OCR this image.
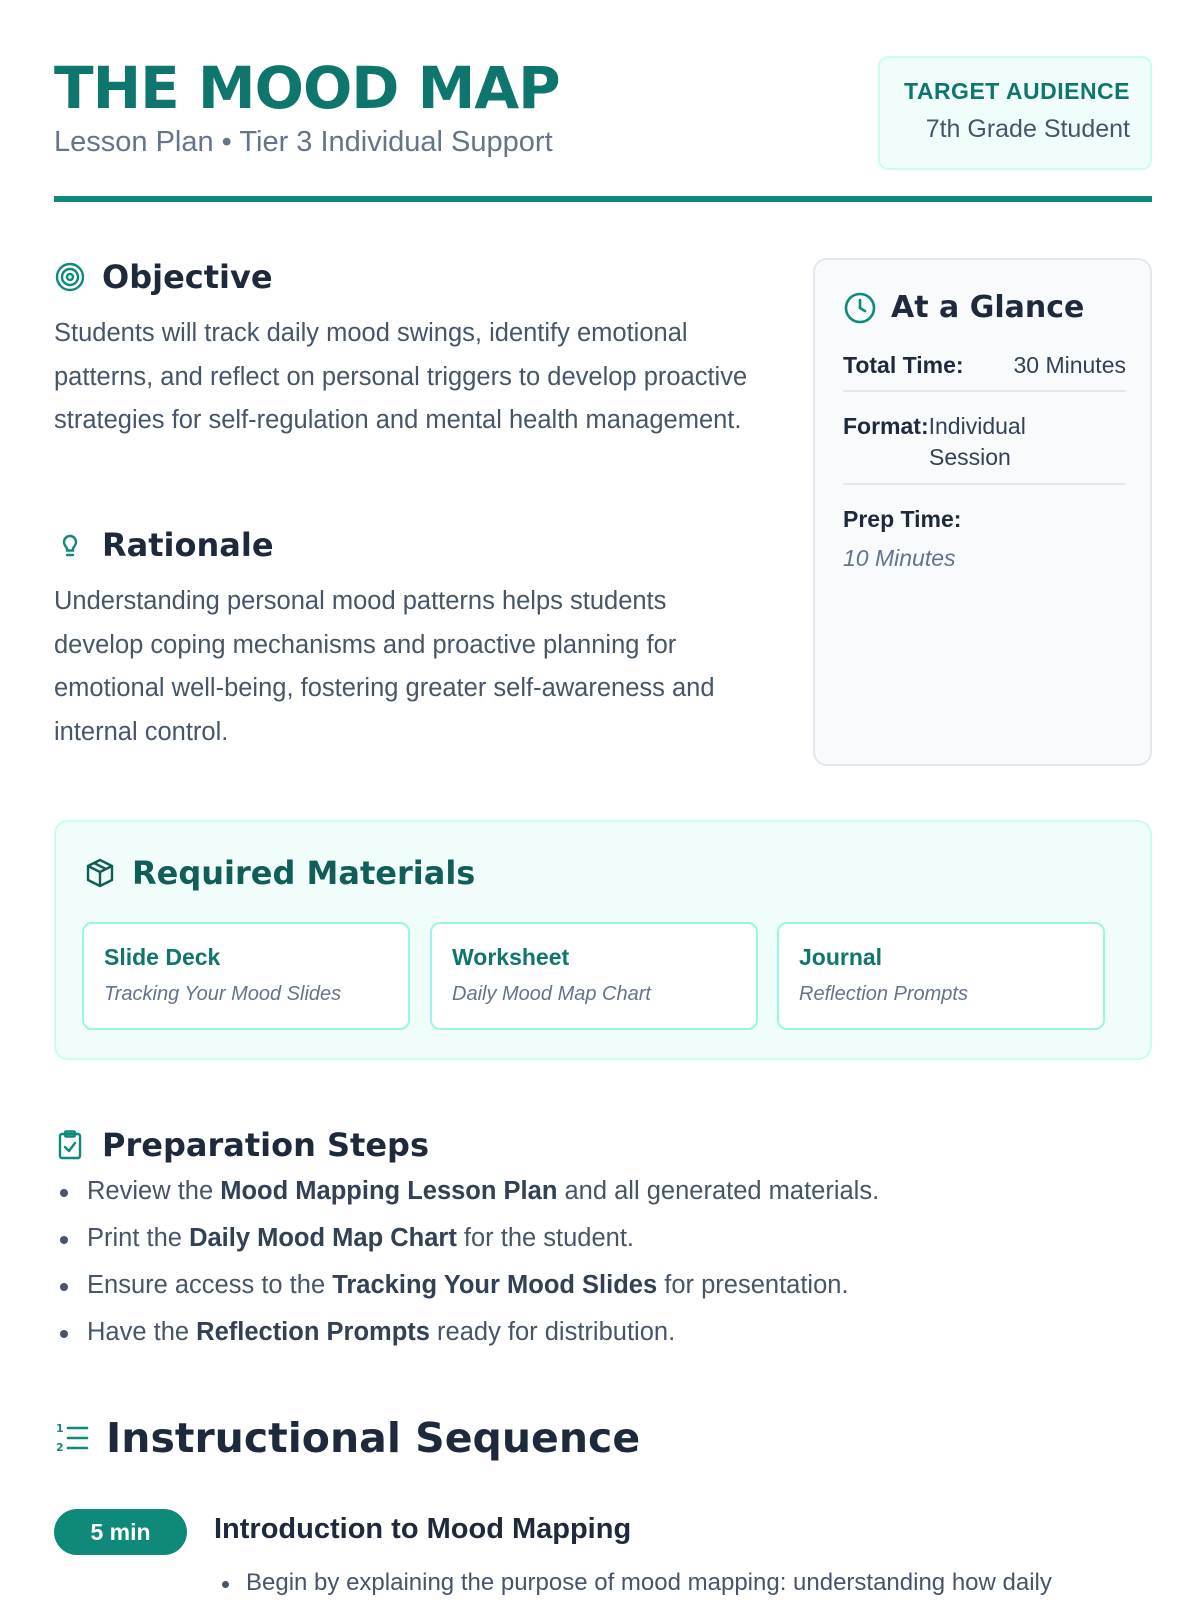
THE MOOD MAP
Lesson Plan • Tier 3 Individual Support
TARGET AUDIENCE
7th Grade Student
Objective
Students will track daily mood swings, identify emotional patterns, and reflect on personal triggers to develop proactive strategies for self-regulation and mental health management.
Rationale
Understanding personal mood patterns helps students develop coping mechanisms and proactive planning for emotional well-being, fostering greater self-awareness and internal control.
At a Glance
Total Time: 30 Minutes
Format:Individual
Session
Prep Time:
10 Minutes
Required Materials
Slide Deck
Tracking Your Mood Slides
Worksheet
Daily Mood Map Chart
Journal
Reflection Prompts
Preparation Steps
Review the Mood Mapping Lesson Plan and all generated materials.
Print the Daily Mood Map Chart for the student.
Ensure access to the Tracking Your Mood Slides for presentation.
Have the Reflection Prompts ready for distribution.
1
2 Instructional Sequence
5 min	Introduction to Mood Mapping
Begin by explaining the purpose of mood mapping: understanding how daily
